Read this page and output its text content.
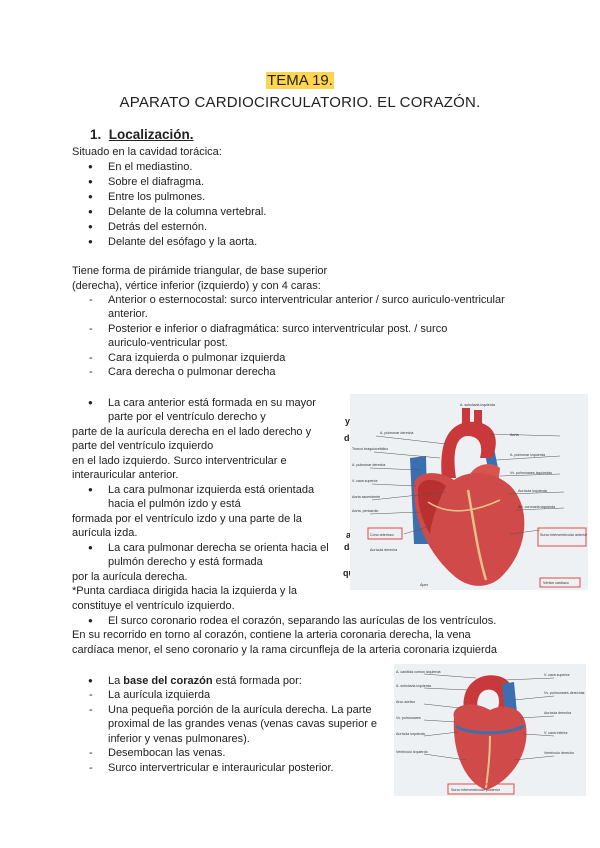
TEMA 19.
APARATO CARDIOCIRCULATORIO. EL CORAZÓN.
1. Localización.
Situado en la cavidad torácica:
● En el mediastino.
● Sobre el diafragma.
● Entre los pulmones.
● Delante de la columna vertebral.
● Detrás del esternón.
● Delante del esófago y la aorta.
Tiene forma de pirámide triangular, de base superior
(derecha), vértice inferior (izquierdo) y con 4 caras:
- Anterior o esternocostal: surco interventricular anterior / surco auriculo-ventricular
anterior.
- Posterior e inferior o diafragmática: surco interventricular post. / surco
auriculo-ventricular post.
- Cara izquierda o pulmonar izquierda
- Cara derecha o pulmonar derecha
● La cara anterior está formada en su mayor
parte por el ventrículo derecho y
parte de la aurícula derecha en el lado derecho y
parte del ventrículo izquierdo
en el lado izquierdo. Surco interventricular e
interauricular anterior.
● La cara pulmonar izquierda está orientada
hacia el pulmón izdo y está
formada por el ventrículo izdo y una parte de la
aurícula izda.
● La cara pulmonar derecha se orienta hacia el
pulmón derecho y está formada
por la aurícula derecha.
*Punta cardiaca dirigida hacia la izquierda y la
constituye el ventrículo izquierdo.
● El surco coronario rodea el corazón, separando las aurículas de los ventrículos.
En su recorrido en torno al corazón, contiene la arteria coronaria derecha, la vena
cardíaca menor, el seno coronario y la rama circunfleja de la arteria coronaria izquierda
● La base del corazón está formada por:
- La aurícula izquierda
- Una pequeña porción de la aurícula derecha. La parte
proximal de las grandes venas (venas cavas superior e
inferior y venas pulmonares).
- Desembocan las venas.
- Surco intervertricular e interauricular posterior.
y
do
a
da
quierda y la
A. pulmonar derecha
Tronco braquiocefálico
A. pulmonar derecha
V. cava superior
Aorta ascendente
Aorta, pericardio
Cono arterioso
Aurícula derecha
A. subclavia izquierda
Aorta
A. pulmonar izquierda
Vv. pulmonares izquierdas
Aurícula izquierda
Art. coronaria izquierda
Ápex
Surco interventricular anterior
Vértice cardiaco
A. carótida común izquierda
A. subclavia izquierda
Arco aórtico
Vv. pulmonares
Aurícula izquierda
Ventrículo izquierdo
V. cava superior
Vv. pulmonares derechas
Aurícula derecha
V. cava inferior
Ventrículo derecho
Surco interventricular posterior
